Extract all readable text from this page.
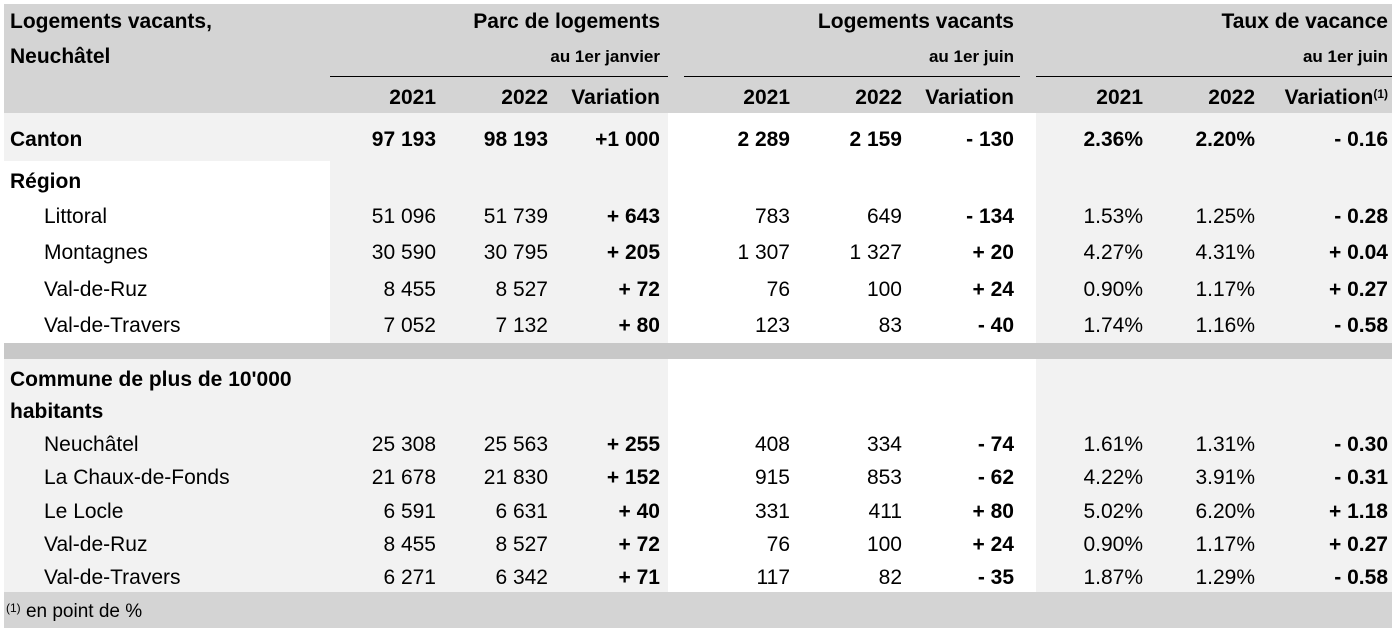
Logements vacants,
Neuchâtel
Parc de logements
au 1er janvier
Logements vacants
au 1er juin
Taux de vacance
au 1er juin
2021	2022	Variation	2021	2022	Variation	2021	2022	Variation$^{(1)}$
Canton	97 193	98 193	+1 000	2 289	2 159	- 130	2.36%	2.20%	- 0.16
Région
Littoral	51 096	51 739	+ 643	783	649	- 134	1.53%	1.25%	- 0.28
Montagnes	30 590	30 795	+ 205	1 307	1 327	+ 20	4.27%	4.31%	+ 0.04
Val-de-Ruz	8 455	8 527	+ 72	76	100	+ 24	0.90%	1.17%	+ 0.27
Val-de-Travers	7 052	7 132	+ 80	123	83	- 40	1.74%	1.16%	- 0.58
Commune de plus de 10'000
habitants
Neuchâtel	25 308	25 563	+ 255	408	334	- 74	1.61%	1.31%	- 0.30
La Chaux-de-Fonds	21 678	21 830	+ 152	915	853	- 62	4.22%	3.91%	- 0.31
Le Locle	6 591	6 631	+ 40	331	411	+ 80	5.02%	6.20%	+ 1.18
Val-de-Ruz	8 455	8 527	+ 72	76	100	+ 24	0.90%	1.17%	+ 0.27
Val-de-Travers	6 271	6 342	+ 71	117	82	- 35	1.87%	1.29%	- 0.58
$^{(1)}$ en point de %
